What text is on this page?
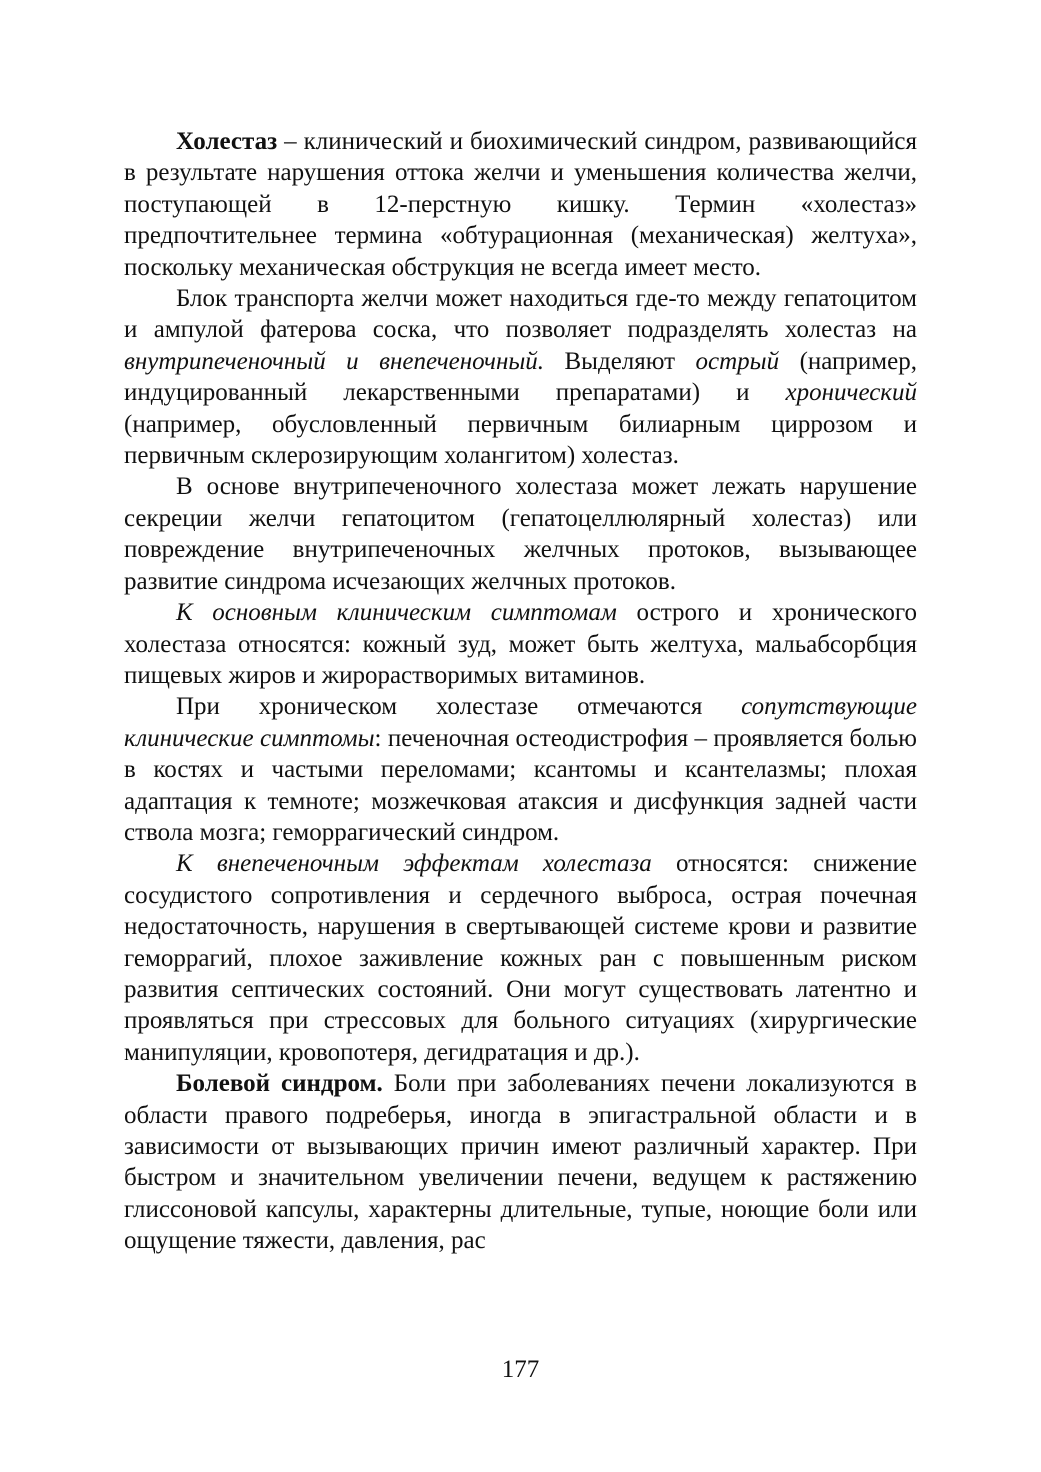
Холестаз – клинический и биохимический синдром, развивающийся в результате нарушения оттока желчи и уменьшения количества желчи, поступающей в 12-перстную кишку. Термин «холестаз» предпочтительнее термина «обтурационная (механическая) желтуха», поскольку механическая обструкция не всегда имеет место.

Блок транспорта желчи может находиться где-то между гепатоцитом и ампулой фатерова соска, что позволяет подразделять холестаз на внутрипеченочный и внепеченочный. Выделяют острый (например, индуцированный лекарственными препаратами) и хронический (например, обусловленный первичным билиарным циррозом и первичным склерозирующим холангитом) холестаз.

В основе внутрипеченочного холестаза может лежать нарушение секреции желчи гепатоцитом (гепатоцеллюлярный холестаз) или повреждение внутрипеченочных желчных протоков, вызывающее развитие синдрома исчезающих желчных протоков.

К основным клиническим симптомам острого и хронического холестаза относятся: кожный зуд, может быть желтуха, мальабсорбция пищевых жиров и жирорастворимых витаминов.

При хроническом холестазе отмечаются сопутствующие клинические симптомы: печеночная остеодистрофия – проявляется болью в костях и частыми переломами; ксантомы и ксантелазмы; плохая адаптация к темноте; мозжечковая атаксия и дисфункция задней части ствола мозга; геморрагический синдром.

К внепеченочным эффектам холестаза относятся: снижение сосудистого сопротивления и сердечного выброса, острая почечная недостаточность, нарушения в свертывающей системе крови и развитие геморрагий, плохое заживление кожных ран с повышенным риском развития септических состояний. Они могут существовать латентно и проявляться при стрессовых для больного ситуациях (хирургические манипуляции, кровопотеря, дегидратация и др.).

Болевой синдром. Боли при заболеваниях печени локализуются в области правого подреберья, иногда в эпигастральной области и в зависимости от вызывающих причин имеют различный характер. При быстром и значительном увеличении печени, ведущем к растяжению глиссоновой капсулы, характерны длительные, тупые, ноющие боли или ощущение тяжести, давления, рас

177
